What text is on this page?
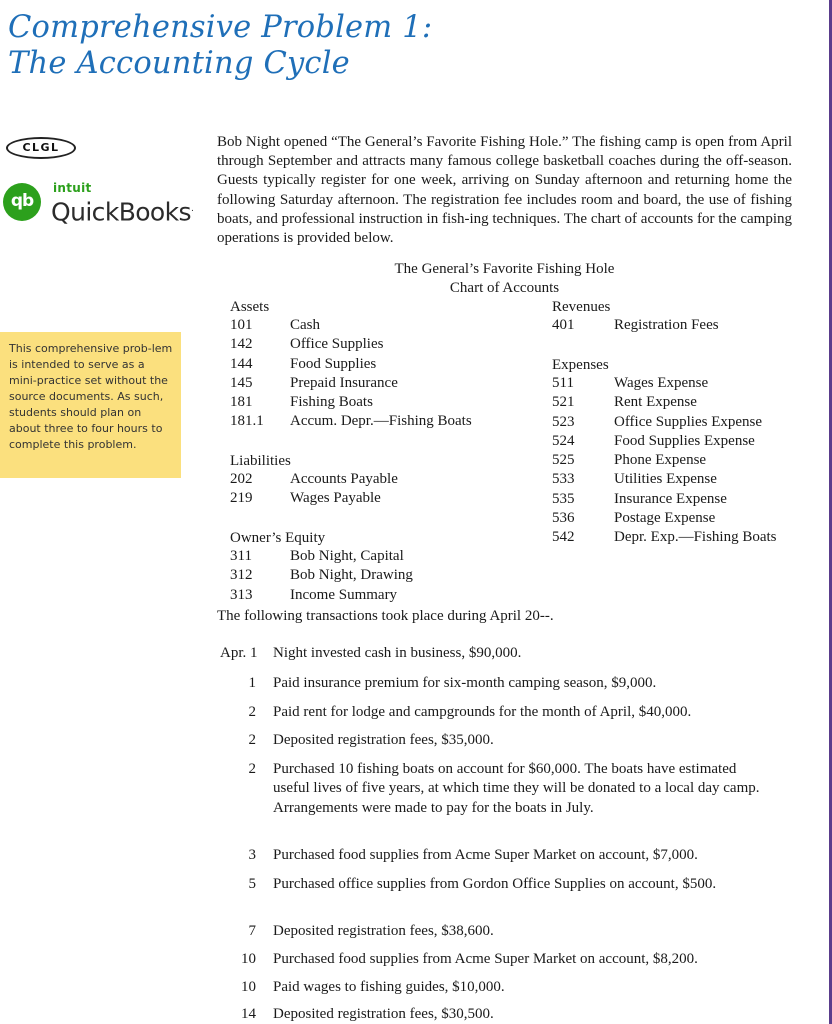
Comprehensive Problem 1:
The Accounting Cycle
CLGL
qb
intuit
QuickBooks.

Bob Night opened “The General’s Favorite Fishing Hole.” The fishing camp is open from April through September and attracts many famous college basketball coaches during the off-season. Guests typically register for one week, arriving on Sunday afternoon and returning home the following Saturday afternoon. The registration fee includes room and board, the use of fishing boats, and professional instruction in fish-ing techniques. The chart of accounts for the camping operations is provided below.

This comprehensive prob-lem is intended to serve as a mini-practice set without the source documents. As such, students should plan on about three to four hours to complete this problem.
The General’s Favorite Fishing Hole
Chart of Accounts
Assets
101	Cash
142	Office Supplies
144	Food Supplies
145	Prepaid Insurance
181	Fishing Boats
181.1	Accum. Depr.—Fishing Boats
Liabilities
202	Accounts Payable
219	Wages Payable
Owner’s Equity
311	Bob Night, Capital
312	Bob Night, Drawing
313	Income Summary
Revenues
401	Registration Fees
Expenses
511	Wages Expense
521	Rent Expense
523	Office Supplies Expense
524	Food Supplies Expense
525	Phone Expense
533	Utilities Expense
535	Insurance Expense
536	Postage Expense
542	Depr. Exp.—Fishing Boats
The following transactions took place during April 20--.
Apr. 1	Night invested cash in business, $90,000.
1	Paid insurance premium for six-month camping season, $9,000.
2	Paid rent for lodge and campgrounds for the month of April, $40,000.
2	Deposited registration fees, $35,000.
2	Purchased 10 fishing boats on account for $60,000. The boats have estimated useful lives of five years, at which time they will be donated to a local day camp. Arrangements were made to pay for the boats in July.
3	Purchased food supplies from Acme Super Market on account, $7,000.
5	Purchased office supplies from Gordon Office Supplies on account, $500.
7	Deposited registration fees, $38,600.
10	Purchased food supplies from Acme Super Market on account, $8,200.
10	Paid wages to fishing guides, $10,000.
14	Deposited registration fees, $30,500.
